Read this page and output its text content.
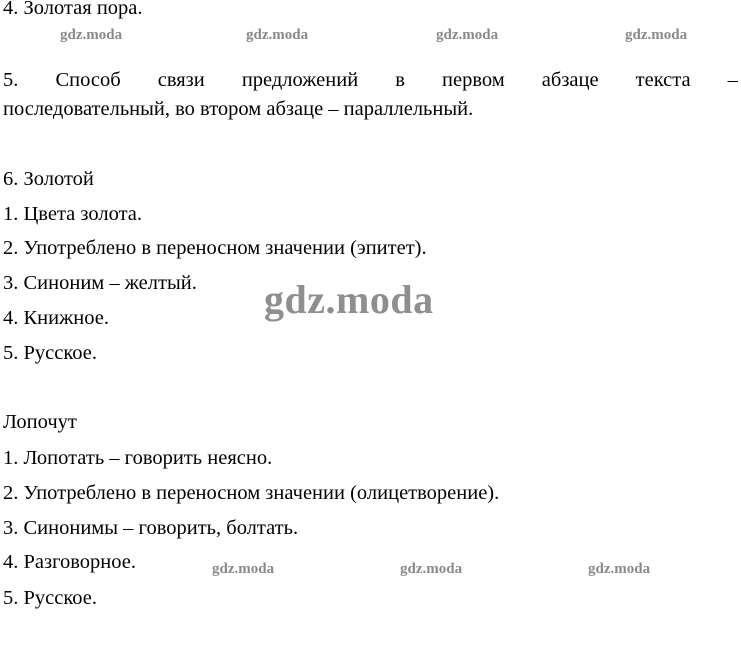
4. Золотая пора.
gdz.moda	gdz.moda	gdz.moda	gdz.moda
5. Способ связи предложений в первом абзаце текста –
последовательный, во втором абзаце – параллельный.
6. Золотой
1. Цвета золота.
2. Употреблено в переносном значении (эпитет).
3. Синоним – желтый.
4. Книжное.
5. Русское.
gdz.moda
Лопочут
1. Лопотать – говорить неясно.
2. Употреблено в переносном значении (олицетворение).
3. Синонимы – говорить, болтать.
4. Разговорное.
5. Русское.
gdz.moda	gdz.moda	gdz.moda
